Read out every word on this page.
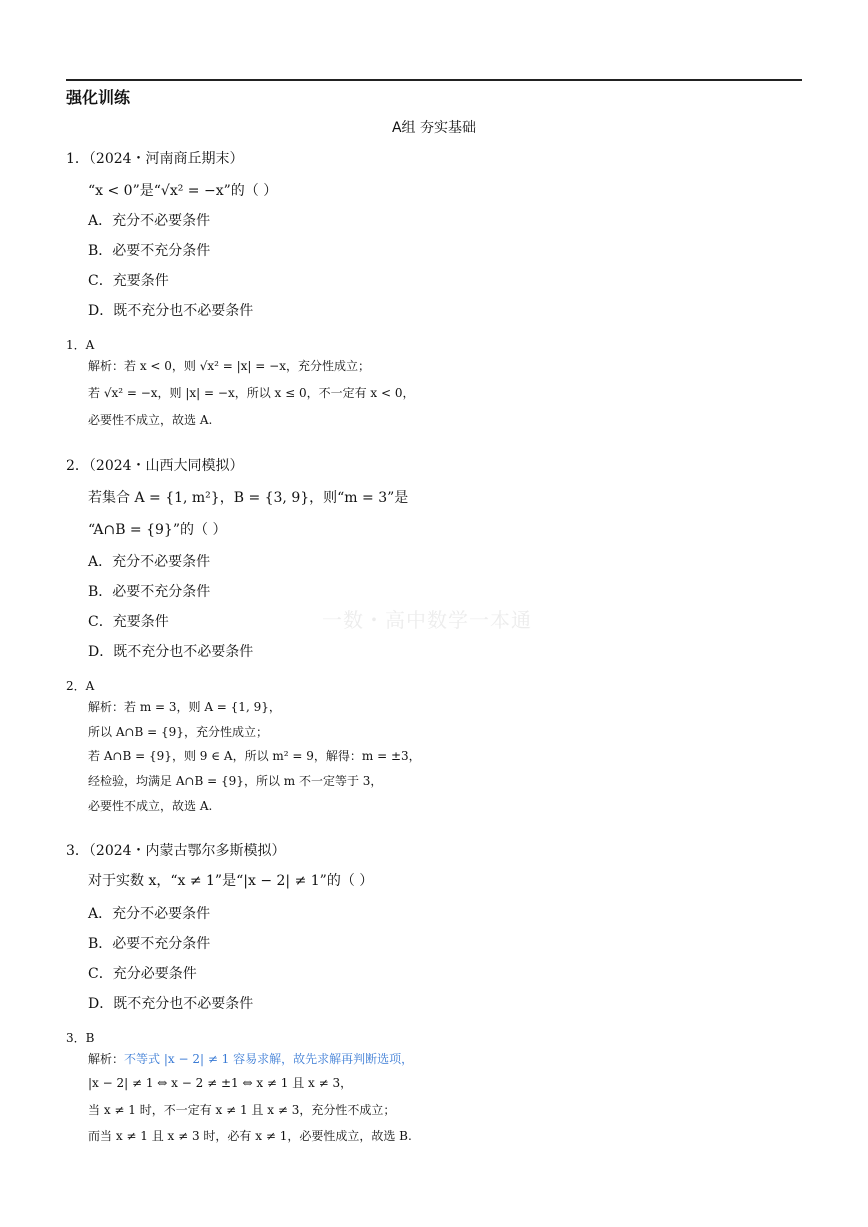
强化训练
A组 夯实基础
一数・高中数学一本通
1．（2024・河南商丘期末）
“x < 0”是“√x² = −x”的（ ）
A．充分不必要条件
B．必要不充分条件
C．充要条件
D．既不充分也不必要条件
1．A
解析：若 x < 0，则 √x² = |x| = −x，充分性成立；
若 √x² = −x，则 |x| = −x，所以 x ≤ 0，不一定有 x < 0，
必要性不成立，故选 A.
2．（2024・山西大同模拟）
若集合 A = {1, m²}，B = {3, 9}，则“m = 3”是
“A∩B = {9}”的（ ）
A．充分不必要条件
B．必要不充分条件
C．充要条件
D．既不充分也不必要条件
2．A
解析：若 m = 3，则 A = {1, 9}，
所以 A∩B = {9}，充分性成立；
若 A∩B = {9}，则 9 ∈ A，所以 m² = 9，解得：m = ±3，
经检验，均满足 A∩B = {9}，所以 m 不一定等于 3，
必要性不成立，故选 A.
3．（2024・内蒙古鄂尔多斯模拟）
对于实数 x，“x ≠ 1”是“|x − 2| ≠ 1”的（ ）
A．充分不必要条件
B．必要不充分条件
C．充分必要条件
D．既不充分也不必要条件
3．B
解析：不等式 |x − 2| ≠ 1 容易求解，故先求解再判断选项，
|x − 2| ≠ 1 ⇔ x − 2 ≠ ±1 ⇔ x ≠ 1 且 x ≠ 3，
当 x ≠ 1 时，不一定有 x ≠ 1 且 x ≠ 3，充分性不成立；
而当 x ≠ 1 且 x ≠ 3 时，必有 x ≠ 1，必要性成立，故选 B.
